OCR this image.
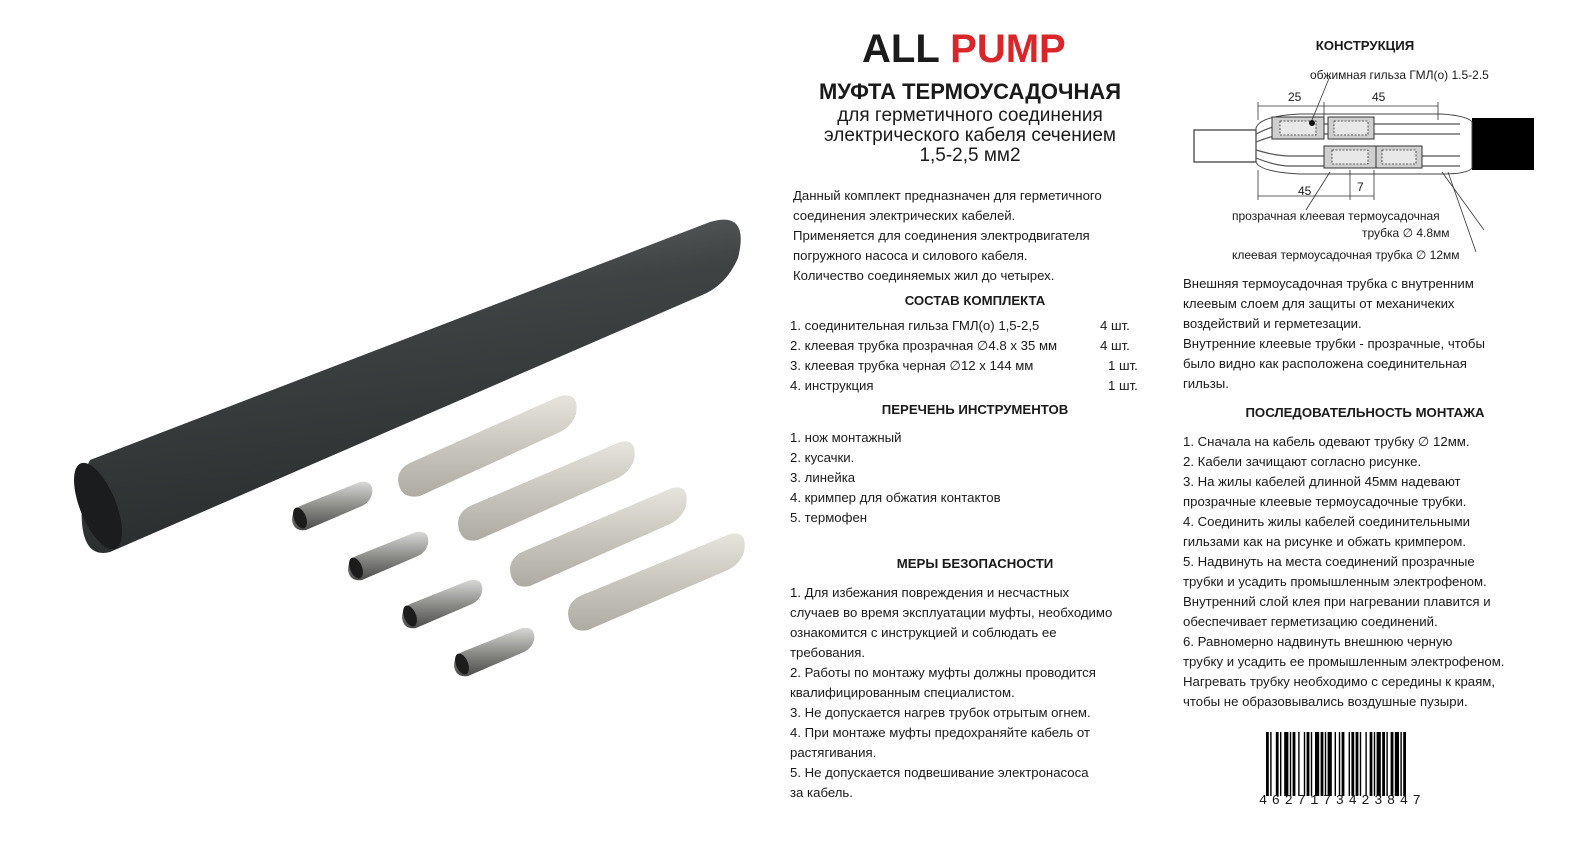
ALL PUMP
МУФТА ТЕРМОУСАДОЧНАЯ
для герметичного соединения
электрического кабеля сечением
1,5-2,5 мм2
Данный комплект предназначен для герметичного
соединения электрических кабелей.
Применяется для соединения электродвигателя
погружного насоса и силового кабеля.
Количество соединяемых жил до четырех.
СОСТАВ КОМПЛЕКТА
1. соединительная гильза ГМЛ(о) 1,5-2,5	4 шт.
2. клеевая трубка прозрачная ∅4.8 х 35 мм	4 шт.
3. клеевая трубка черная ∅12 х 144 мм	1 шт.
4. инструкция	1 шт.
ПЕРЕЧЕНЬ ИНСТРУМЕНТОВ
1. нож монтажный
2. кусачки.
3. линейка
4. кримпер для обжатия контактов
5. термофен
МЕРЫ БЕЗОПАСНОСТИ
1. Для избежания повреждения и несчастных
случаев во время эксплуатации муфты, необходимо
ознакомится с инструкцией и соблюдать ее
требования.
2. Работы по монтажу муфты должны проводится
квалифицированным специалистом.
3. Не допускается нагрев трубок отрытым огнем.
4. При монтаже муфты предохраняйте кабель от
растягивания.
5. Не допускается подвешивание электронасоса
за кабель.
КОНСТРУКЦИЯ
25	45
45	7
обжимная гильза ГМЛ(о) 1.5-2.5
прозрачная клеевая термоусадочная
трубка ∅ 4.8мм
клеевая термоусадочная трубка ∅ 12мм
Внешняя термоусадочная трубка с внутренним
клеевым слоем для защиты от механичеких
воздействий и герметезации.
Внутренние клеевые трубки - прозрачные, чтобы
было видно как расположена соединительная
гильзы.
ПОСЛЕДОВАТЕЛЬНОСТЬ МОНТАЖА
1. Сначала на кабель одевают трубку ∅ 12мм.
2. Кабели зачищают согласно рисунке.
3. На жилы кабелей длинной 45мм надевают
прозрачные клеевые термоусадочные трубки.
4. Соединить жилы кабелей соединительными
гильзами как на рисунке и обжать кримпером.
5. Надвинуть на места соединений прозрачные
трубки и усадить промышленным электрофеном.
Внутренний слой клея при нагревании плавится и
обеспечивает герметизацию соединений.
6. Равномерно надвинуть внешнюю черную
трубку и усадить ее промышленным электрофеном.
Нагревать трубку необходимо с середины к краям,
чтобы не образовывались воздушные пузыри.
4627173423847
